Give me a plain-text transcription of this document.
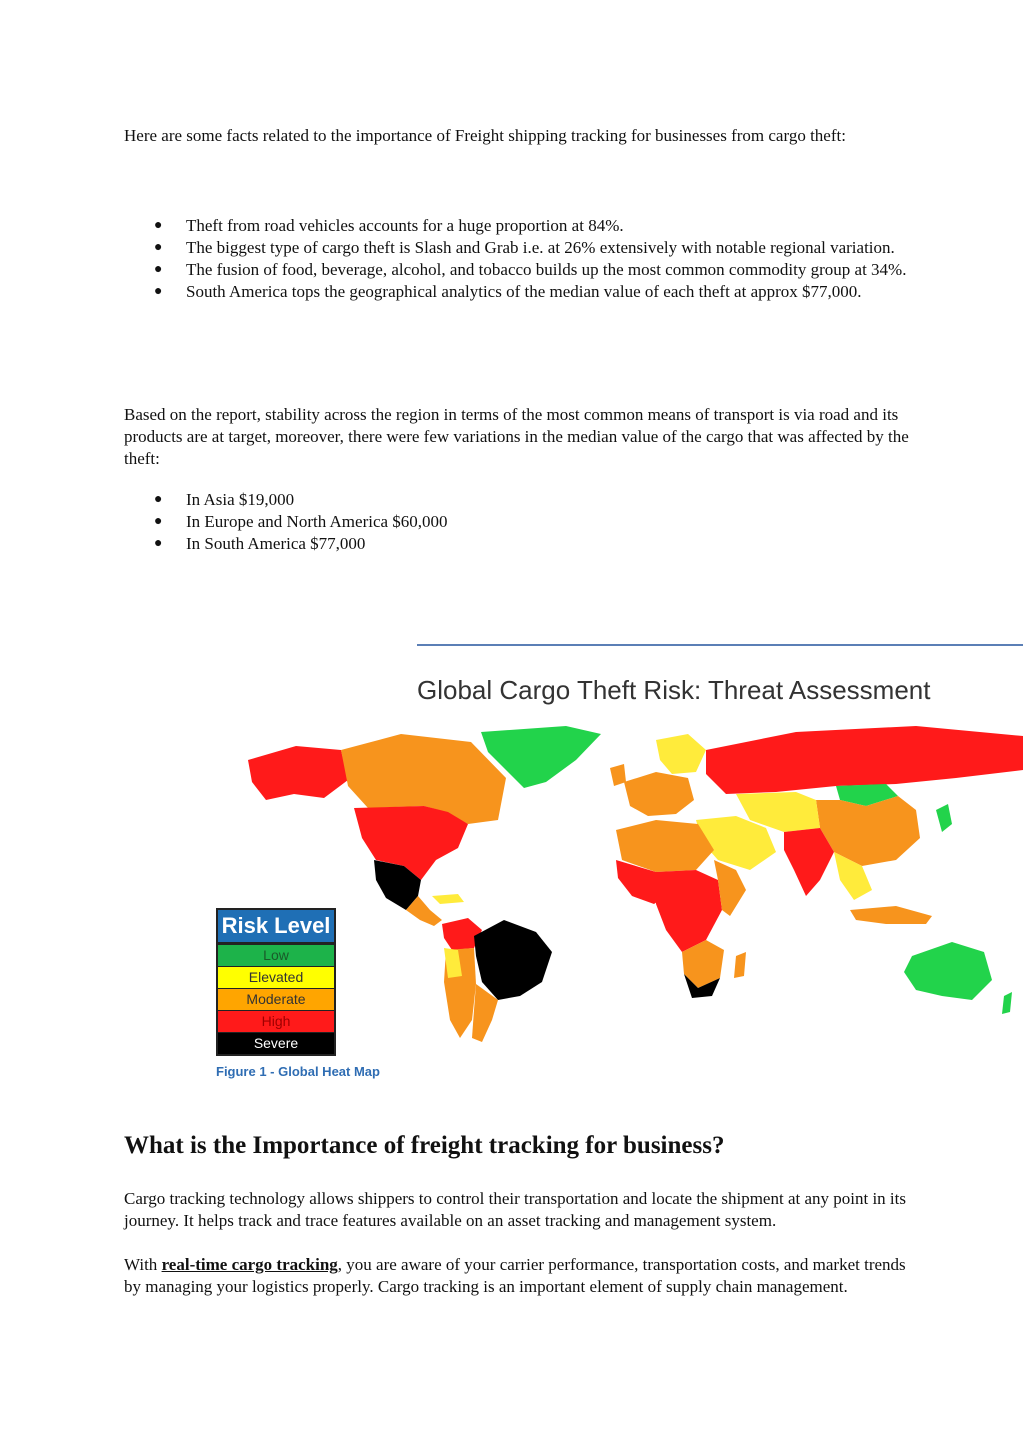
Here are some facts related to the importance of Freight shipping tracking for businesses from cargo theft:

● Theft from road vehicles accounts for a huge proportion at 84%.
● The biggest type of cargo theft is Slash and Grab i.e. at 26% extensively with notable regional variation.
● The fusion of food, beverage, alcohol, and tobacco builds up the most common commodity group at 34%.
● South America tops the geographical analytics of the median value of each theft at approx $77,000.

Based on the report, stability across the region in terms of the most common means of transport is via road and its products are at target, moreover, there were few variations in the median value of the cargo that was affected by the theft:

● In Asia $19,000
● In Europe and North America $60,000
● In South America $77,000
Global Cargo Theft Risk: Threat Assessment
Risk Level
Low
Elevated
Moderate
High
Severe
Figure 1 - Global Heat Map
What is the Importance of freight tracking for business?

Cargo tracking technology allows shippers to control their transportation and locate the shipment at any point in its journey. It helps track and trace features available on an asset tracking and management system.

With real-time cargo tracking, you are aware of your carrier performance, transportation costs, and market trends by managing your logistics properly. Cargo tracking is an important element of supply chain management.
